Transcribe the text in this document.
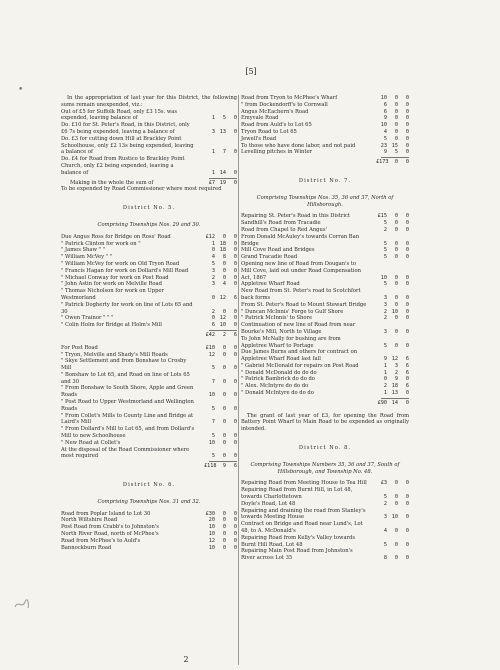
[5]
•
In the appropriation of last year for this District, the following sums remain unexpended, viz.:
Out of £5 for Suffolk Road, only £3 15s. was expended, leaving balance of	1	5	0
Do. £10 for St. Peter's Road, in this District, only £6 7s being expended, leaving a balance of	3 13	0
Do. £3 for cutting down Hill at Brackley Point Schoolhouse, only £2 13s being expended, leaving a balance of	1	7	0
Do. £4 for Road from Rustico to Brackley Point Church, only £2 being expended, leaving a balance of	1 14	0
Making in the whole the sum of	£7 19	0
To be expended by Road Commissioner where most required
District No. 5.
Comprising Townships Nos. 29 and 30.
Due Angus Ross for Bridge on Ross' Road	£12	0	0
" Patrick Clinton for work on "	1 18	0
" James Shaw " "	0 18	0
" William McVey " "	4	8	0
" William McVey for work on Old Tryon Road	5	0	0
" Francis Hagan for work on Dollard's Mill Road	3	0	0
" Michael Conway for work on Post Road	2	0	0
" John Astin for work on Melville Road	3	4	0
" Thomas Nicholson for work on Upper Westmorland	0 12	6
" Patrick Dogherty for work on line of Lots 65 and 30	2	0	0
" Owen Trainor " " "	0 12	0
" Colin Holm for Bridge at Holm's Mill	6 10	0
£42	2	6
For Post Road	£10	0	0
" Tryon, Melville and Shady's Mill Roads	12	0	0
" Skye Settlement and from Bonshaw to Crosby Mill	5	0	0
" Bonshaw to Lot 65, and Road on line of Lots 65 and 30	7	0	0
" From Bonshaw to South Shore, Apple and Green Roads	10	0	0
" Post Road to Upper Westmorland and Wellington Roads	5	0	0
" From Collet's Mills to County Line and Bridge at Laird's Mill	7	0	0
" From Dollard's Mill to Lot 65, and from Dollard's Mill to new Schoolhouse	5	0	0
" New Road at Collet's	10	0	0
At the disposal of the Road Commissioner where most required	5	0	0
£118	9	6
District No. 6.
Comprising Townships Nos. 31 and 32.
Road from Poplar Island to Lot 30	£30	0	0
North Wiltshire Road	20	0	0
Post Road from Crabb's to Johnston's	10	0	0
North River Road, north of McPhee's	10	0	0
Road from McPhee's to Auld's	12	0	0
Bannockburn Road	10	0	0
Road from Tryon to McPhee's Wharf	10	0	0
" from Dockendorff's to Cornwall	6	0	0
Angus McEachern's Road	6	0	0
Emyvale Road	9	0	0
Road from Auld's to Lot 65	10	0	0
Tryon Road to Lot 65	4	0	0
Jewell's Road	5	0	0
To those who have done labor, and not paid	23 15	0
Levelling pitches in Winter	9	5	0
£173	0	0
District No. 7.
Comprising Townships Nos. 35, 36 and 37, North of Hillsborough.
Repairing St. Peter's Road in this District	£15	0	0
Sandhill's Road from Tracadie	5	0	0
Road from Chapel to Red Angus'	2	0	0
From Donald McAuley's towards Corran Ban Bridge	5	0	0
Mill Cove Road and Bridges	5	0	0
Grand Tracadie Road	5	0	0
Opening new line of Road from Dougan's to Mill Cove, laid out under Road Compensation Act, 1867	10	0	0
Appletree Wharf Road	5	0	0
New Road from St. Peter's road to Scotchfort back forms	3	0	0
From St. Peter's Road to Mount Stewart Bridge	3	0	0
" Duncan McInnis' Forge to Gulf Shore	2 10	0
" Patrick McInnis' to Shore	2	0	0
Continuation of new line of Road from near Bourke's Mill, North to Village	3	0	0
To John McNally for bushing are from Appletree Wharf to Portage	5	0	0
Due James Burns and others for contract on Appletree Wharf Road last fall	9 12	6
" Gabriel McDonald for repairs on Post Road	1	3	6
" Donald McDonald do do do	1	2	6
" Patrick Bambrick do do do	0	9	0
" Alex. McIntyre do do do	2 18	6
" Donald McIntyre do do do	1 13	0
£90 14	0
The grant of last year of £3, for opening the Road from Battery Point Wharf to Main Road to be expended as originally intended.
District No. 8.
Comprising Townships Numbers 35, 36 and 37, South of Hillsborough, and Township No. 48.
Repairing Road from Meeting House to Tea Hill	£3	0	0
Repairing Road from Burnt Hill, in Lot 48, towards Charlottetown	5	0	0
Doyle's Road, Lot 48	2	0	0
Repairing and draining the road from Stanley's towards Meeting House	3 10	0
Contract on Bridge and Road near Lund's, Lot 48, to A. McDonald's	4	0	0
Repairing Road from Kelly's Valley towards Burnt Hill Road, Lot 48	5	0	0
Repairing Main Post Road from Johnston's River across Lot 35	8	0	0
2
